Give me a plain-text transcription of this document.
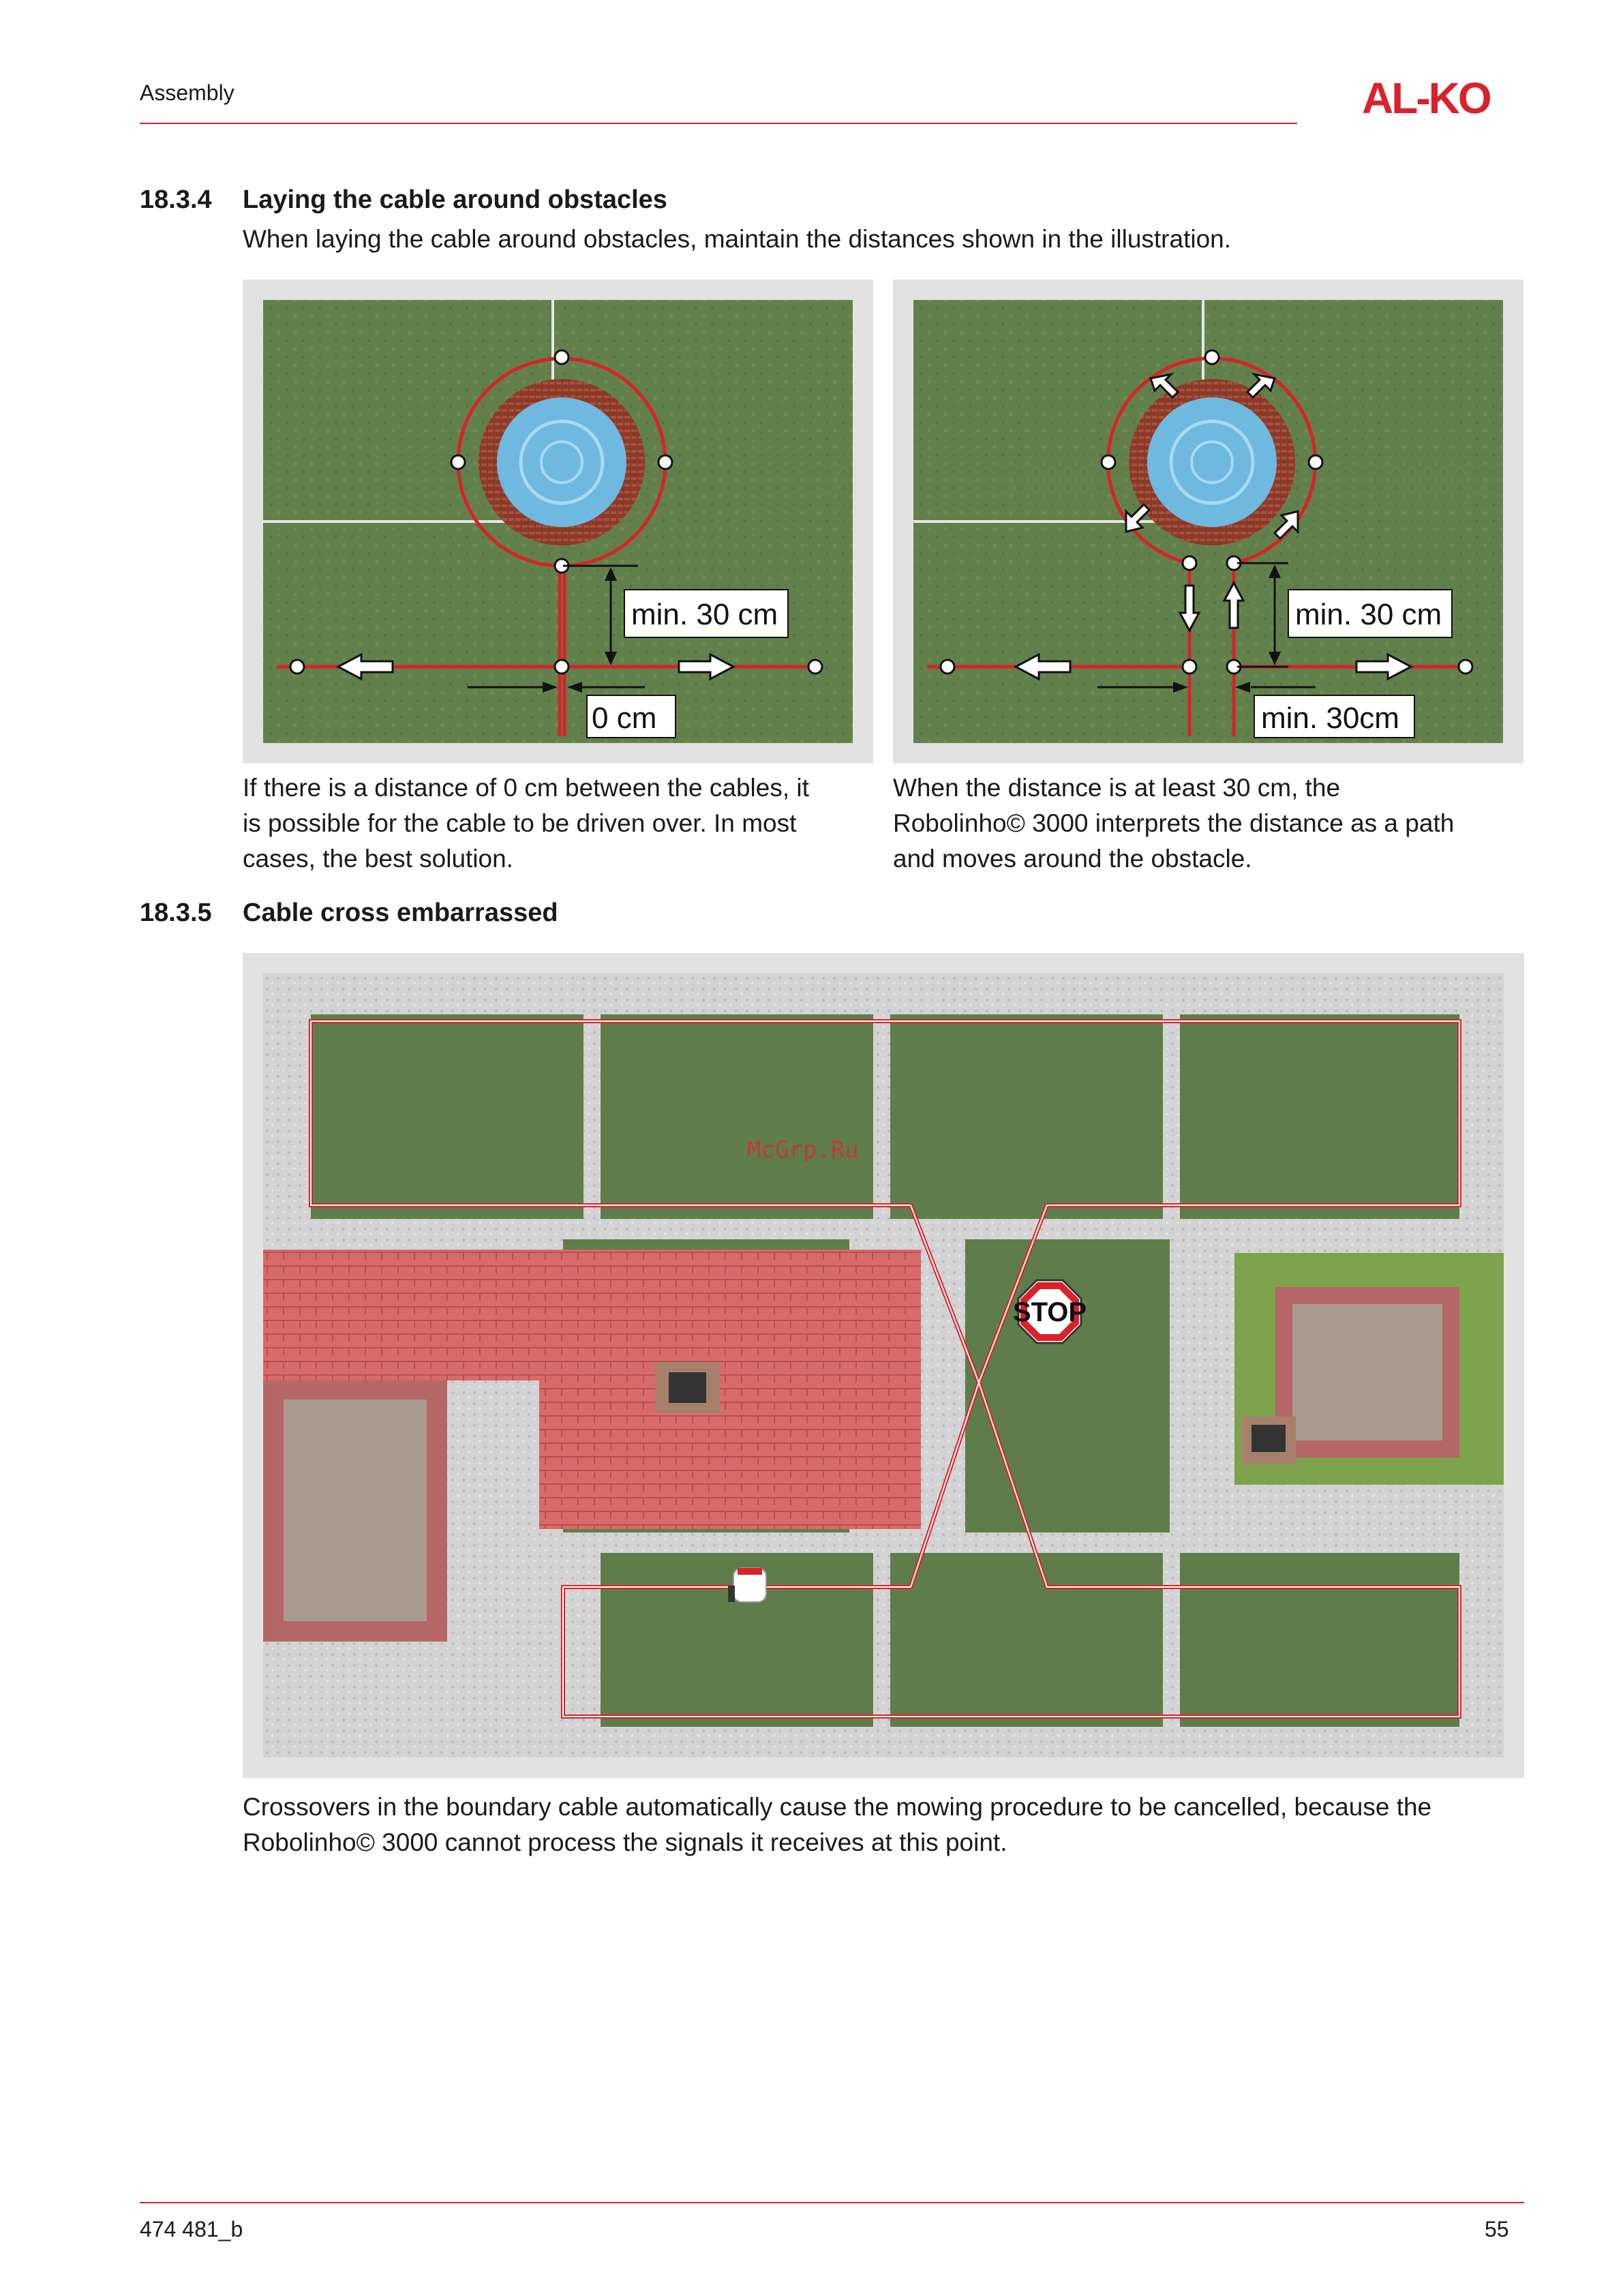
Assembly	AL-KO
18.3.4 Laying the cable around obstacles
When laying the cable around obstacles, maintain the distances shown in the illustration.
min. 30 cm
0 cm
min. 30 cm
min. 30cm
If there is a distance of 0 cm between the cables, it
is possible for the cable to be driven over. In most
cases, the best solution.
When the distance is at least 30 cm, the
Robolinho© 3000 interprets the distance as a path
and moves around the obstacle.
18.3.5 Cable cross embarrassed
STOP
McGrp.Ru
Crossovers in the boundary cable automatically cause the mowing procedure to be cancelled, because the
Robolinho© 3000 cannot process the signals it receives at this point.
474 481_b	55
